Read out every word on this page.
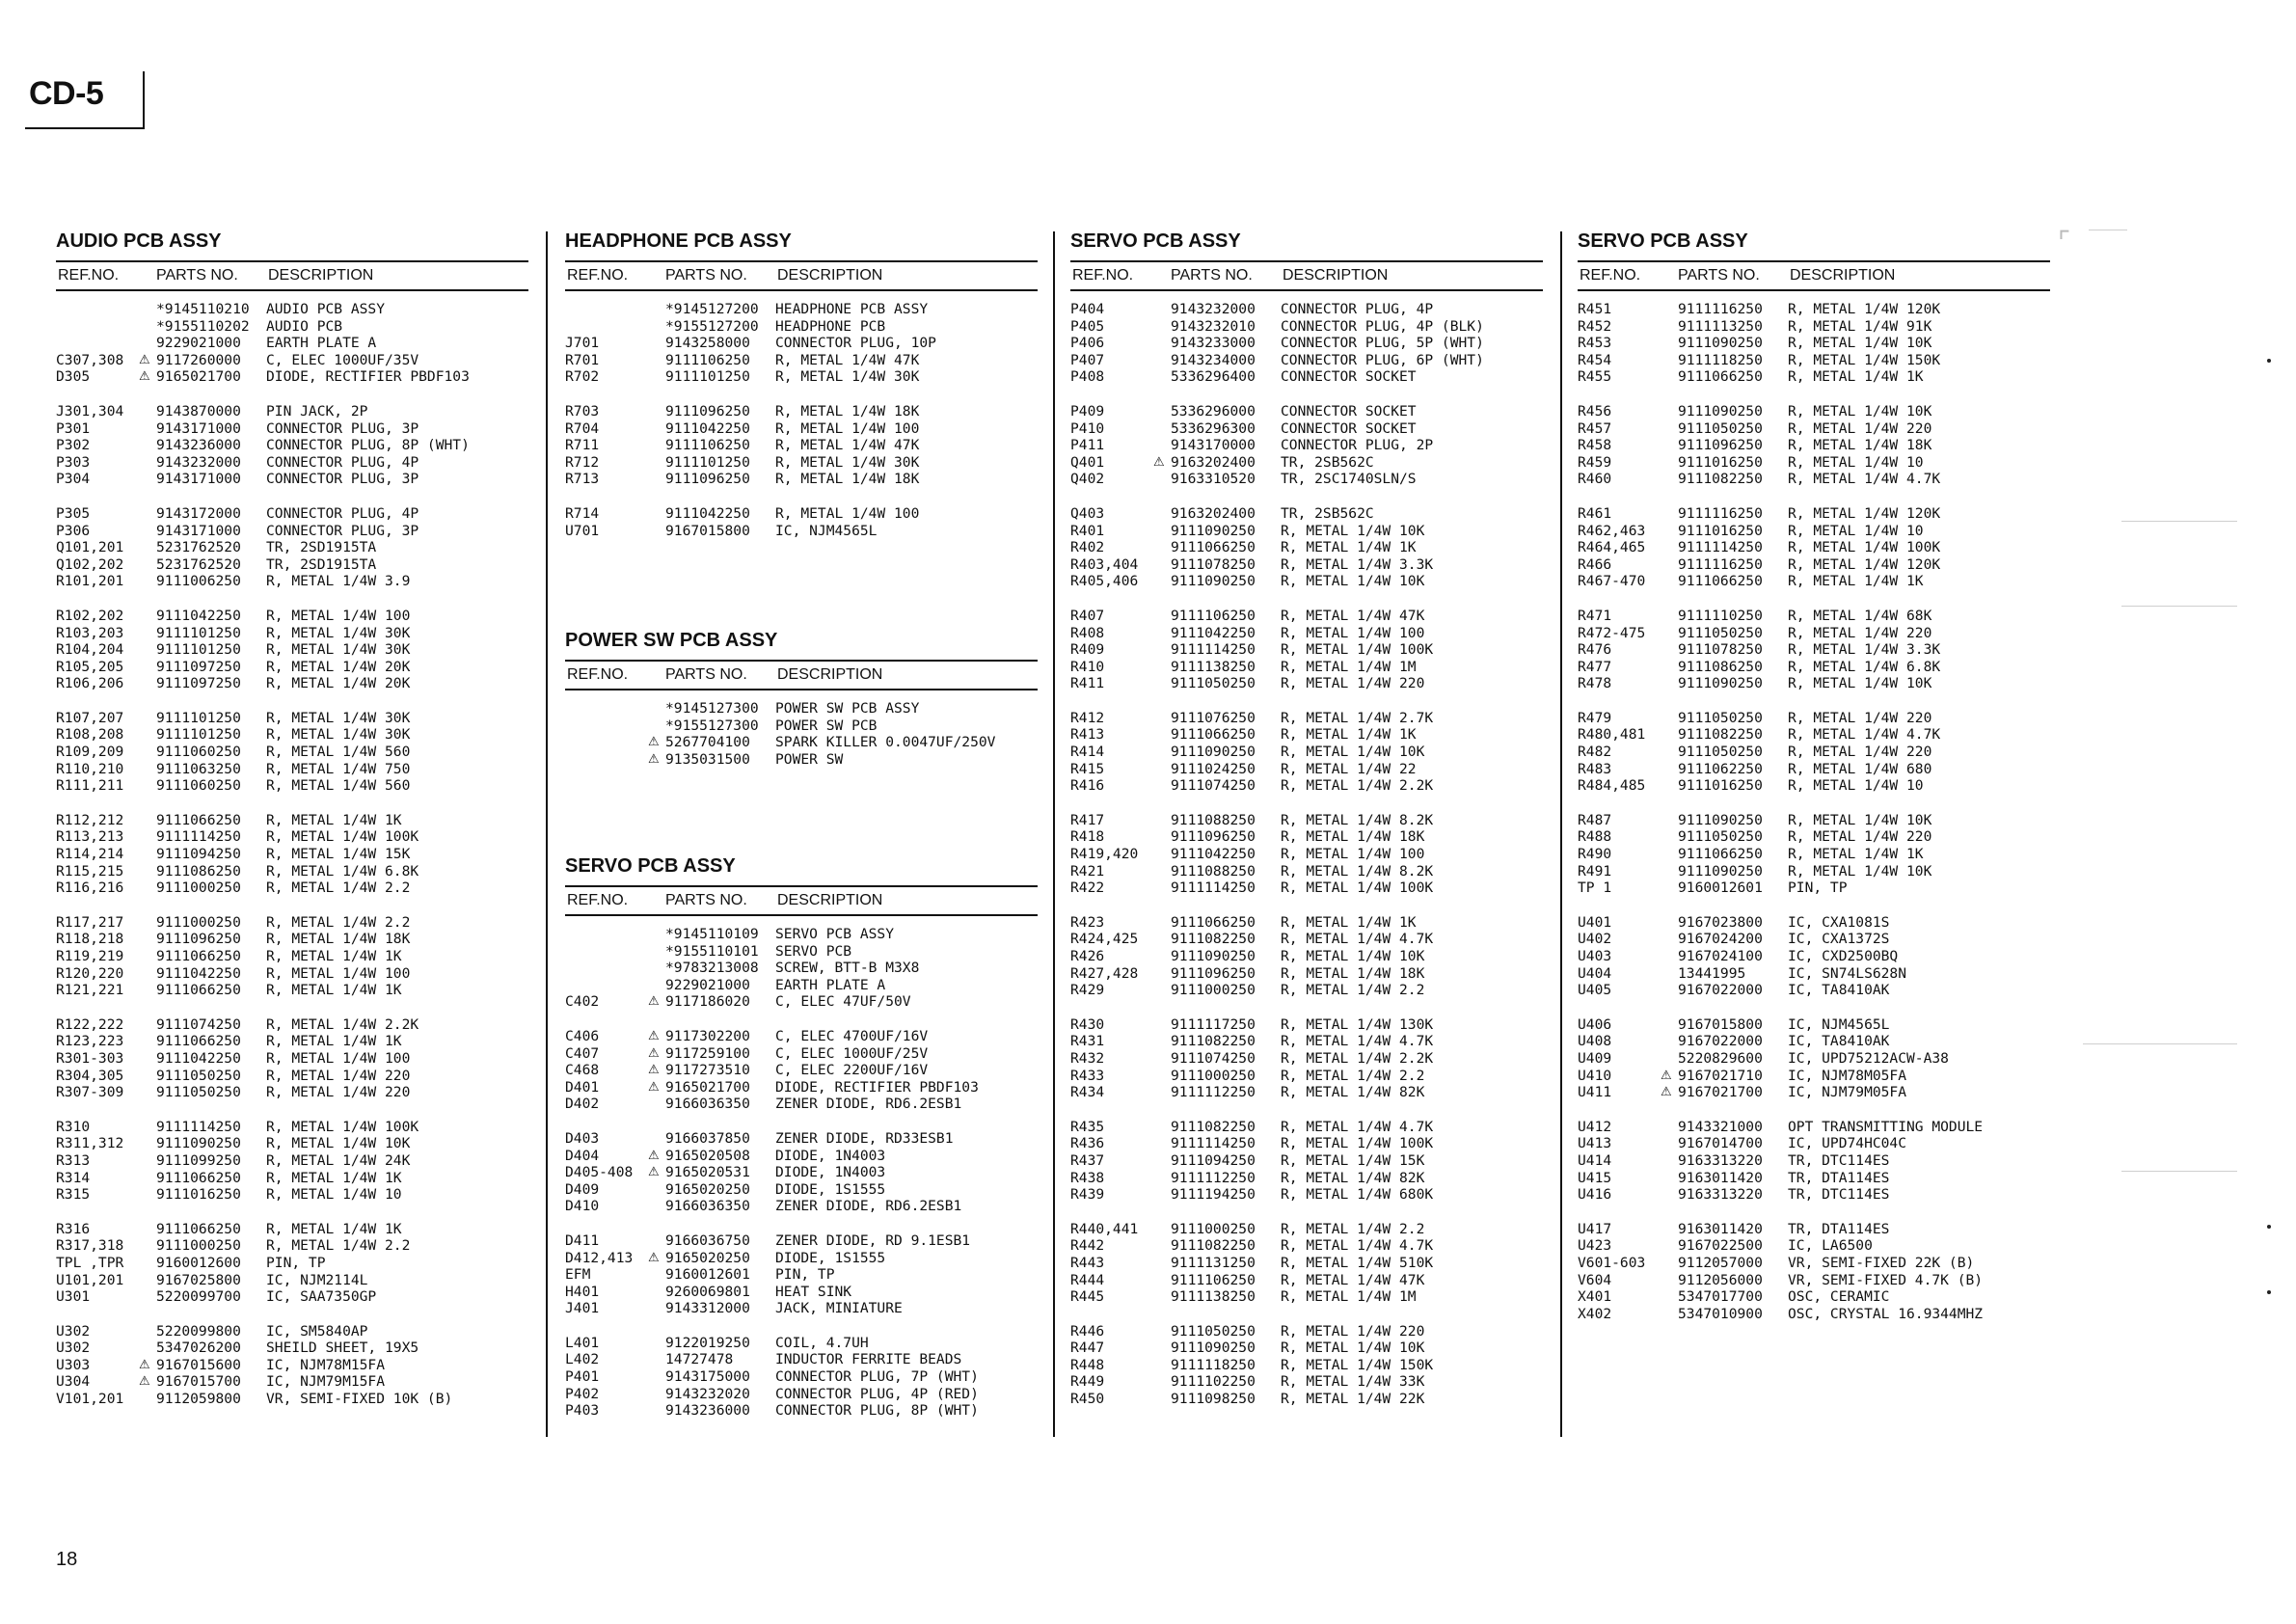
CD-5
18
⌜
AUDIO PCB ASSY
REF.NO. PARTS NO. DESCRIPTION
*9145110210 AUDIO PCB ASSY
*9155110202 AUDIO PCB
9229021000 EARTH PLATE A
C307,308 ⚠ 9117260000 C, ELEC 1000UF/35V
D305	⚠ 9165021700 DIODE, RECTIFIER PBDF103
J301,304 9143870000 PIN JACK, 2P
P301	9143171000 CONNECTOR PLUG, 3P
P302	9143236000 CONNECTOR PLUG, 8P (WHT)
P303	9143232000 CONNECTOR PLUG, 4P
P304	9143171000 CONNECTOR PLUG, 3P
P305	9143172000 CONNECTOR PLUG, 4P
P306	9143171000 CONNECTOR PLUG, 3P
Q101,201 5231762520 TR, 2SD1915TA
Q102,202 5231762520 TR, 2SD1915TA
R101,201 9111006250 R, METAL 1/4W 3.9
R102,202 9111042250 R, METAL 1/4W 100
R103,203 9111101250 R, METAL 1/4W 30K
R104,204 9111101250 R, METAL 1/4W 30K
R105,205 9111097250 R, METAL 1/4W 20K
R106,206 9111097250 R, METAL 1/4W 20K
R107,207 9111101250 R, METAL 1/4W 30K
R108,208 9111101250 R, METAL 1/4W 30K
R109,209 9111060250 R, METAL 1/4W 560
R110,210 9111063250 R, METAL 1/4W 750
R111,211 9111060250 R, METAL 1/4W 560
R112,212 9111066250 R, METAL 1/4W 1K
R113,213 9111114250 R, METAL 1/4W 100K
R114,214 9111094250 R, METAL 1/4W 15K
R115,215 9111086250 R, METAL 1/4W 6.8K
R116,216 9111000250 R, METAL 1/4W 2.2
R117,217 9111000250 R, METAL 1/4W 2.2
R118,218 9111096250 R, METAL 1/4W 18K
R119,219 9111066250 R, METAL 1/4W 1K
R120,220 9111042250 R, METAL 1/4W 100
R121,221 9111066250 R, METAL 1/4W 1K
R122,222 9111074250 R, METAL 1/4W 2.2K
R123,223 9111066250 R, METAL 1/4W 1K
R301-303 9111042250 R, METAL 1/4W 100
R304,305 9111050250 R, METAL 1/4W 220
R307-309 9111050250 R, METAL 1/4W 220
R310	9111114250 R, METAL 1/4W 100K
R311,312 9111090250 R, METAL 1/4W 10K
R313	9111099250 R, METAL 1/4W 24K
R314	9111066250 R, METAL 1/4W 1K
R315	9111016250 R, METAL 1/4W 10
R316	9111066250 R, METAL 1/4W 1K
R317,318 9111000250 R, METAL 1/4W 2.2
TPL ,TPR 9160012600 PIN, TP
U101,201 9167025800 IC, NJM2114L
U301	5220099700 IC, SAA7350GP
U302	5220099800 IC, SM5840AP
U302	5347026200 SHEILD SHEET, 19X5
U303	⚠ 9167015600 IC, NJM78M15FA
U304	⚠ 9167015700 IC, NJM79M15FA
V101,201 9112059800 VR, SEMI-FIXED 10K (B)
HEADPHONE PCB ASSY
REF.NO. PARTS NO. DESCRIPTION
*9145127200 HEADPHONE PCB ASSY
*9155127200 HEADPHONE PCB
J701	9143258000 CONNECTOR PLUG, 10P
R701	9111106250 R, METAL 1/4W 47K
R702	9111101250 R, METAL 1/4W 30K
R703	9111096250 R, METAL 1/4W 18K
R704	9111042250 R, METAL 1/4W 100
R711	9111106250 R, METAL 1/4W 47K
R712	9111101250 R, METAL 1/4W 30K
R713	9111096250 R, METAL 1/4W 18K
R714	9111042250 R, METAL 1/4W 100
U701	9167015800 IC, NJM4565L
POWER SW PCB ASSY
REF.NO. PARTS NO. DESCRIPTION
*9145127300 POWER SW PCB ASSY
*9155127300 POWER SW PCB
⚠ 5267704100 SPARK KILLER 0.0047UF/250V
⚠ 9135031500 POWER SW
SERVO PCB ASSY
REF.NO. PARTS NO. DESCRIPTION
*9145110109 SERVO PCB ASSY
*9155110101 SERVO PCB
*9783213008 SCREW, BTT-B M3X8
9229021000 EARTH PLATE A
C402	⚠ 9117186020 C, ELEC 47UF/50V
C406	⚠ 9117302200 C, ELEC 4700UF/16V
C407	⚠ 9117259100 C, ELEC 1000UF/25V
C468	⚠ 9117273510 C, ELEC 2200UF/16V
D401	⚠ 9165021700 DIODE, RECTIFIER PBDF103
D402	9166036350 ZENER DIODE, RD6.2ESB1
D403	9166037850 ZENER DIODE, RD33ESB1
D404	⚠ 9165020508 DIODE, 1N4003
D405-408 ⚠ 9165020531 DIODE, 1N4003
D409	9165020250 DIODE, 1S1555
D410	9166036350 ZENER DIODE, RD6.2ESB1
D411	9166036750 ZENER DIODE, RD 9.1ESB1
D412,413 ⚠ 9165020250 DIODE, 1S1555
EFM	9160012601 PIN, TP
H401	9260069801 HEAT SINK
J401	9143312000 JACK, MINIATURE
L401	9122019250 COIL, 4.7UH
L402	14727478	INDUCTOR FERRITE BEADS
P401	9143175000 CONNECTOR PLUG, 7P (WHT)
P402	9143232020 CONNECTOR PLUG, 4P (RED)
P403	9143236000 CONNECTOR PLUG, 8P (WHT)
SERVO PCB ASSY
REF.NO. PARTS NO. DESCRIPTION
P404	9143232000 CONNECTOR PLUG, 4P
P405	9143232010 CONNECTOR PLUG, 4P (BLK)
P406	9143233000 CONNECTOR PLUG, 5P (WHT)
P407	9143234000 CONNECTOR PLUG, 6P (WHT)
P408	5336296400 CONNECTOR SOCKET
P409	5336296000 CONNECTOR SOCKET
P410	5336296300 CONNECTOR SOCKET
P411	9143170000 CONNECTOR PLUG, 2P
Q401	⚠ 9163202400 TR, 2SB562C
Q402	9163310520 TR, 2SC1740SLN/S
Q403	9163202400 TR, 2SB562C
R401	9111090250 R, METAL 1/4W 10K
R402	9111066250 R, METAL 1/4W 1K
R403,404 9111078250 R, METAL 1/4W 3.3K
R405,406 9111090250 R, METAL 1/4W 10K
R407	9111106250 R, METAL 1/4W 47K
R408	9111042250 R, METAL 1/4W 100
R409	9111114250 R, METAL 1/4W 100K
R410	9111138250 R, METAL 1/4W 1M
R411	9111050250 R, METAL 1/4W 220
R412	9111076250 R, METAL 1/4W 2.7K
R413	9111066250 R, METAL 1/4W 1K
R414	9111090250 R, METAL 1/4W 10K
R415	9111024250 R, METAL 1/4W 22
R416	9111074250 R, METAL 1/4W 2.2K
R417	9111088250 R, METAL 1/4W 8.2K
R418	9111096250 R, METAL 1/4W 18K
R419,420 9111042250 R, METAL 1/4W 100
R421	9111088250 R, METAL 1/4W 8.2K
R422	9111114250 R, METAL 1/4W 100K
R423	9111066250 R, METAL 1/4W 1K
R424,425 9111082250 R, METAL 1/4W 4.7K
R426	9111090250 R, METAL 1/4W 10K
R427,428 9111096250 R, METAL 1/4W 18K
R429	9111000250 R, METAL 1/4W 2.2
R430	9111117250 R, METAL 1/4W 130K
R431	9111082250 R, METAL 1/4W 4.7K
R432	9111074250 R, METAL 1/4W 2.2K
R433	9111000250 R, METAL 1/4W 2.2
R434	9111112250 R, METAL 1/4W 82K
R435	9111082250 R, METAL 1/4W 4.7K
R436	9111114250 R, METAL 1/4W 100K
R437	9111094250 R, METAL 1/4W 15K
R438	9111112250 R, METAL 1/4W 82K
R439	9111194250 R, METAL 1/4W 680K
R440,441 9111000250 R, METAL 1/4W 2.2
R442	9111082250 R, METAL 1/4W 4.7K
R443	9111131250 R, METAL 1/4W 510K
R444	9111106250 R, METAL 1/4W 47K
R445	9111138250 R, METAL 1/4W 1M
R446	9111050250 R, METAL 1/4W 220
R447	9111090250 R, METAL 1/4W 10K
R448	9111118250 R, METAL 1/4W 150K
R449	9111102250 R, METAL 1/4W 33K
R450	9111098250 R, METAL 1/4W 22K
SERVO PCB ASSY
REF.NO. PARTS NO. DESCRIPTION
R451	9111116250 R, METAL 1/4W 120K
R452	9111113250 R, METAL 1/4W 91K
R453	9111090250 R, METAL 1/4W 10K
R454	9111118250 R, METAL 1/4W 150K
R455	9111066250 R, METAL 1/4W 1K
R456	9111090250 R, METAL 1/4W 10K
R457	9111050250 R, METAL 1/4W 220
R458	9111096250 R, METAL 1/4W 18K
R459	9111016250 R, METAL 1/4W 10
R460	9111082250 R, METAL 1/4W 4.7K
R461	9111116250 R, METAL 1/4W 120K
R462,463 9111016250 R, METAL 1/4W 10
R464,465 9111114250 R, METAL 1/4W 100K
R466	9111116250 R, METAL 1/4W 120K
R467-470 9111066250 R, METAL 1/4W 1K
R471	9111110250 R, METAL 1/4W 68K
R472-475 9111050250 R, METAL 1/4W 220
R476	9111078250 R, METAL 1/4W 3.3K
R477	9111086250 R, METAL 1/4W 6.8K
R478	9111090250 R, METAL 1/4W 10K
R479	9111050250 R, METAL 1/4W 220
R480,481 9111082250 R, METAL 1/4W 4.7K
R482	9111050250 R, METAL 1/4W 220
R483	9111062250 R, METAL 1/4W 680
R484,485 9111016250 R, METAL 1/4W 10
R487	9111090250 R, METAL 1/4W 10K
R488	9111050250 R, METAL 1/4W 220
R490	9111066250 R, METAL 1/4W 1K
R491	9111090250 R, METAL 1/4W 10K
TP 1	9160012601 PIN, TP
U401	9167023800 IC, CXA1081S
U402	9167024200 IC, CXA1372S
U403	9167024100 IC, CXD2500BQ
U404	13441995	IC, SN74LS628N
U405	9167022000 IC, TA8410AK
U406	9167015800 IC, NJM4565L
U408	9167022000 IC, TA8410AK
U409	5220829600 IC, UPD75212ACW-A38
U410	⚠ 9167021710 IC, NJM78M05FA
U411	⚠ 9167021700 IC, NJM79M05FA
U412	9143321000 OPT TRANSMITTING MODULE
U413	9167014700 IC, UPD74HC04C
U414	9163313220 TR, DTC114ES
U415	9163011420 TR, DTA114ES
U416	9163313220 TR, DTC114ES
U417	9163011420 TR, DTA114ES
U423	9167022500 IC, LA6500
V601-603 9112057000 VR, SEMI-FIXED 22K (B)
V604	9112056000 VR, SEMI-FIXED 4.7K (B)
X401	5347017700 OSC, CERAMIC
X402	5347010900 OSC, CRYSTAL 16.9344MHZ
